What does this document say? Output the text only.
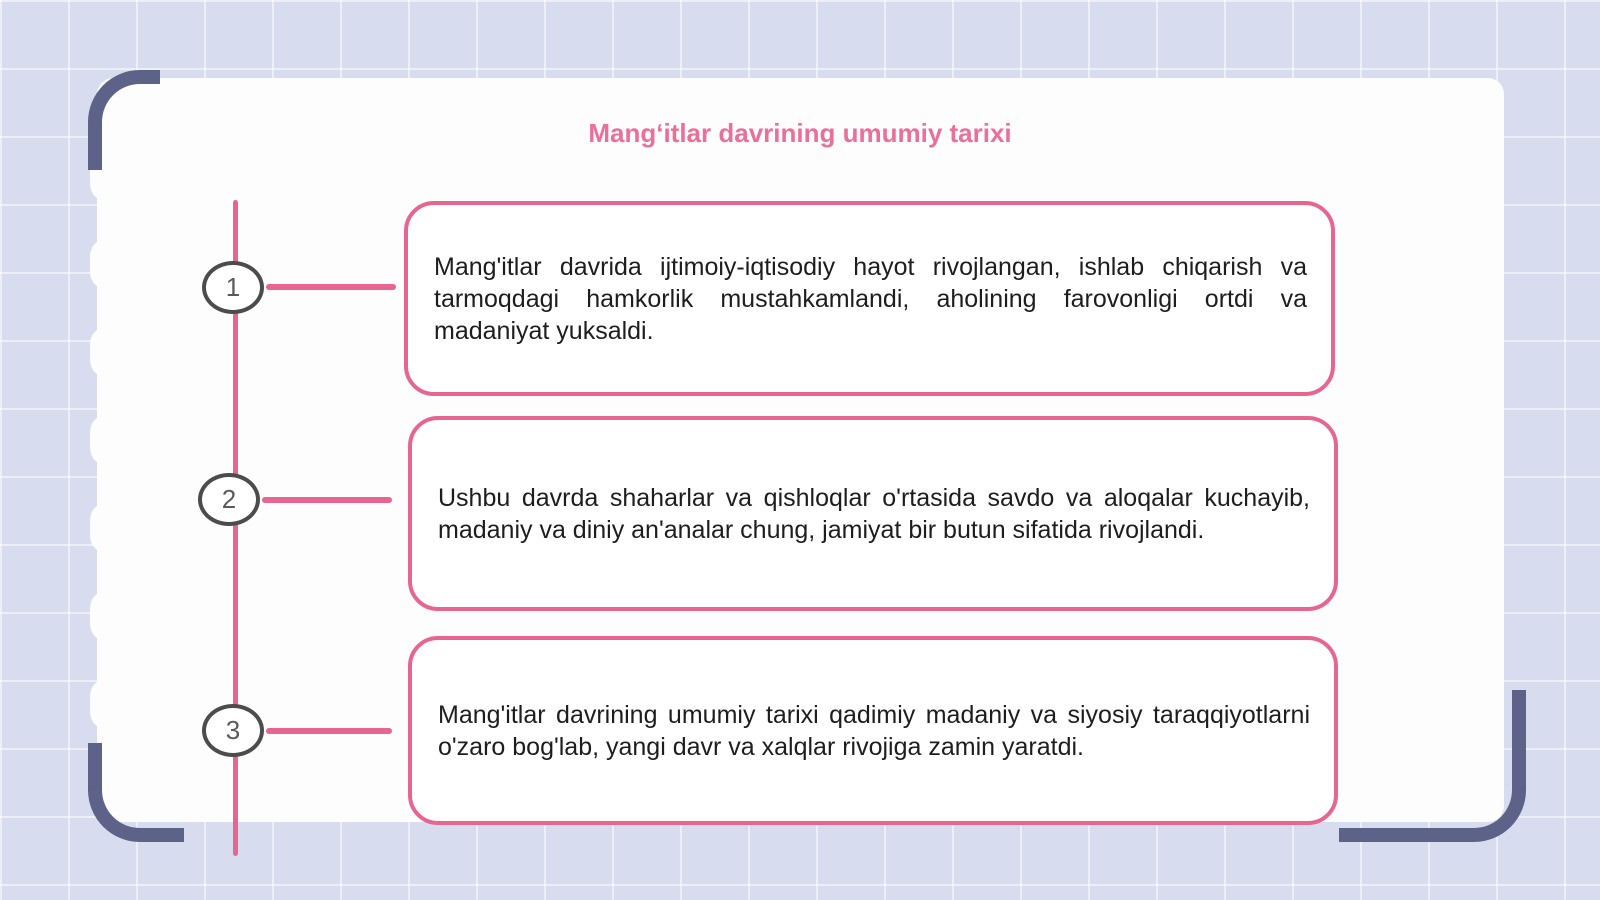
Mangʻitlar davrining umumiy tarixi
1
2
3
Mang'itlar davrida ijtimoiy-iqtisodiy hayot rivojlangan, ishlab chiqarish va tarmoqdagi hamkorlik mustahkamlandi, aholining farovonligi ortdi va madaniyat yuksaldi.
Ushbu davrda shaharlar va qishloqlar o'rtasida savdo va aloqalar kuchayib, madaniy va diniy an'analar chung, jamiyat bir butun sifatida rivojlandi.
Mang'itlar davrining umumiy tarixi qadimiy madaniy va siyosiy taraqqiyotlarni o'zaro bog'lab, yangi davr va xalqlar rivojiga zamin yaratdi.
